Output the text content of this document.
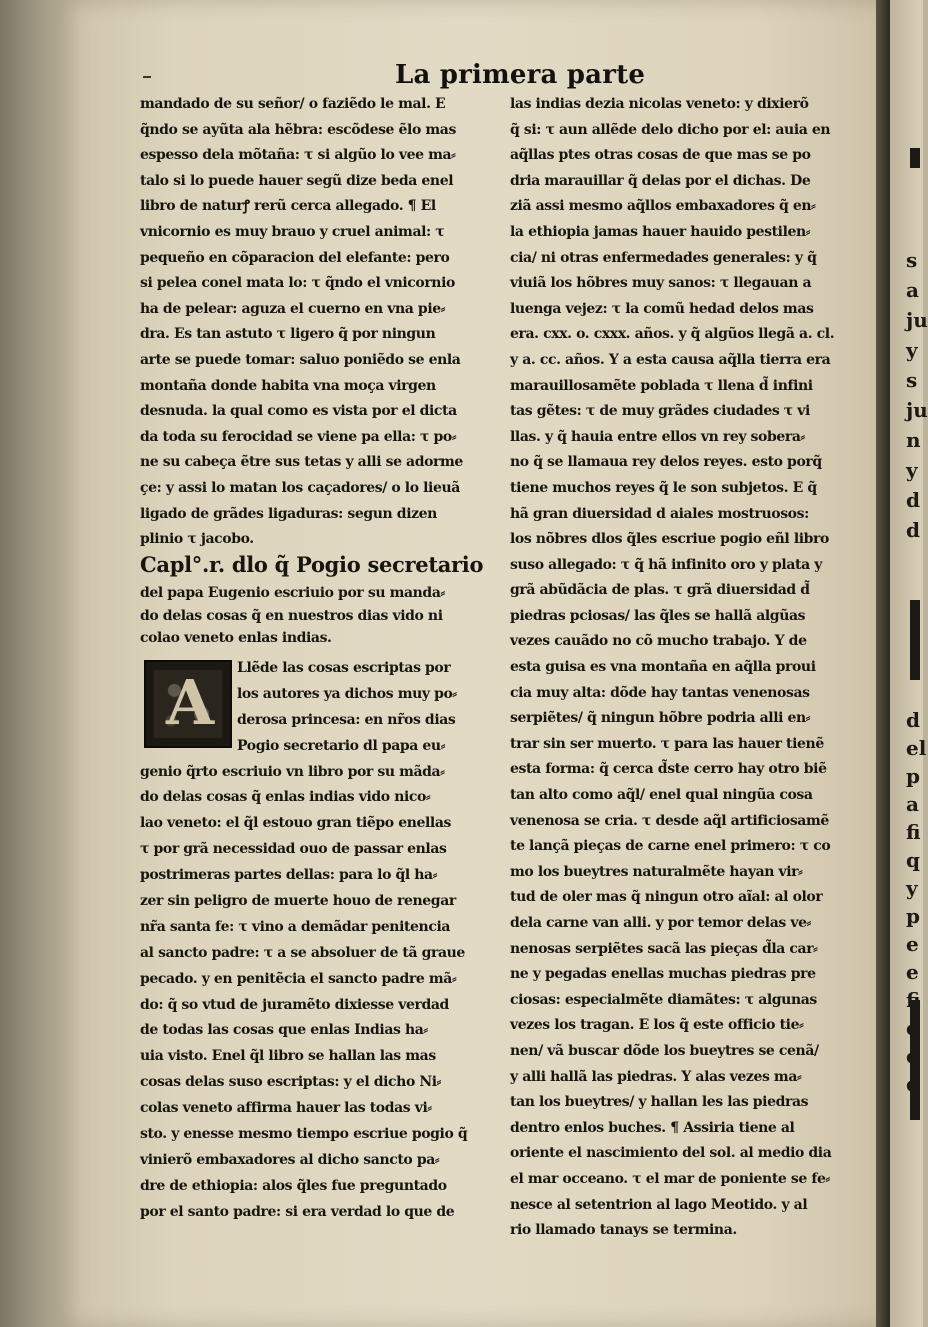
s
a
ju
y
s
ju
n
y
d
d
d
el
p
a
fi
q
y
p
e
e
fi
c
e
d
La primera parte
mandado de su señor/ o faziẽdo le mal. E
q̃ndo se ayũta ala hẽbra: escõdese ẽlo mas
espesso dela mõtaña: τ si algũo lo vee ma⸗
talo si lo puede hauer segũ dize beda enel
libro de naturꝭ rerũ cerca allegado. ¶ El
vnicornio es muy brauo y cruel animal: τ
pequeño en cõparacion del elefante: pero
si pelea conel mata lo: τ q̃ndo el vnicornio
ha de pelear: aguza el cuerno en vna pie⸗
dra. Es tan astuto τ ligero q̃ por ningun
arte se puede tomar: saluo poniẽdo se enla
montaña donde habita vna moça virgen
desnuda. la qual como es vista por el dicta
da toda su ferocidad se viene pa ella: τ po⸗
ne su cabeça ẽtre sus tetas y alli se adorme
çe: y assi lo matan los caçadores/ o lo lieuã
ligado de grãdes ligaduras: segun dizen
plinio τ jacobo.
Capl°.r. dlo q̃ Pogio secretario
del papa Eugenio escriuio por su manda⸗
do delas cosas q̃ en nuestros dias vido ni
colao veneto enlas indias.
A	Llẽde las cosas escriptas por
los autores ya dichos muy po⸗
derosa princesa: en nr̃os dias
Pogio secretario dl papa eu⸗
genio q̃rto escriuio vn libro por su mãda⸗
do delas cosas q̃ enlas indias vido nico⸗
lao veneto: el q̃l estouo gran tiẽpo enellas
τ por grã necessidad ouo de passar enlas
postrimeras partes dellas: para lo q̃l ha⸗
zer sin peligro de muerte houo de renegar
nr̃a santa fe: τ vino a demãdar penitencia
al sancto padre: τ a se absoluer de tã graue
pecado. y en penitẽcia el sancto padre mã⸗
do: q̃ so vtud de juramẽto dixiesse verdad
de todas las cosas que enlas Indias ha⸗
uia visto. Enel q̃l libro se hallan las mas
cosas delas suso escriptas: y el dicho Ni⸗
colas veneto affirma hauer las todas vi⸗
sto. y enesse mesmo tiempo escriue pogio q̃
vinierõ embaxadores al dicho sancto pa⸗
dre de ethiopia: alos q̃les fue preguntado
por el santo padre: si era verdad lo que de
las indias dezia nicolas veneto: y dixierõ
q̃ si: τ aun allẽde delo dicho por el: auia en
aq̃llas ptes otras cosas de que mas se po
dria marauillar q̃ delas por el dichas. De
ziã assi mesmo aq̃llos embaxadores q̃ en⸗
la ethiopia jamas hauer hauido pestilen⸗
cia/ ni otras enfermedades generales: y q̃
viuiã los hõbres muy sanos: τ llegauan a
luenga vejez: τ la comũ hedad delos mas
era. cxx. o. cxxx. años. y q̃ algũos llegã a. cl.
y a. cc. años. Y a esta causa aq̃lla tierra era
marauillosamẽte poblada τ llena d̃ infini
tas gẽtes: τ de muy grãdes ciudades τ vi
llas. y q̃ hauia entre ellos vn rey sobera⸗
no q̃ se llamaua rey delos reyes. esto porq̃
tiene muchos reyes q̃ le son subjetos. E q̃
hã gran diuersidad d aiales mostruosos:
los nõbres dlos q̃les escriue pogio eñl libro
suso allegado: τ q̃ hã infinito oro y plata y
grã abũdãcia de plas. τ grã diuersidad d̃
piedras pciosas/ las q̃les se hallã algũas
vezes cauãdo no cõ mucho trabajo. Y de
esta guisa es vna montaña en aq̃lla proui
cia muy alta: dõde hay tantas venenosas
serpiẽtes/ q̃ ningun hõbre podria alli en⸗
trar sin ser muerto. τ para las hauer tienẽ
esta forma: q̃ cerca d̃ste cerro hay otro biẽ
tan alto como aq̃l/ enel qual ningũa cosa
venenosa se cria. τ desde aq̃l artificiosamẽ
te lançã pieças de carne enel primero: τ co
mo los bueytres naturalmẽte hayan vir⸗
tud de oler mas q̃ ningun otro aĩal: al olor
dela carne van alli. y por temor delas ve⸗
nenosas serpiẽtes sacã las pieças d̃la car⸗
ne y pegadas enellas muchas piedras pre
ciosas: especialmẽte diamãtes: τ algunas
vezes los tragan. E los q̃ este officio tie⸗
nen/ vã buscar dõde los bueytres se cenã/
y alli hallã las piedras. Y alas vezes ma⸗
tan los bueytres/ y hallan les las piedras
dentro enlos buches. ¶ Assiria tiene al
oriente el nascimiento del sol. al medio dia
el mar occeano. τ el mar de poniente se fe⸗
nesce al setentrion al lago Meotido. y al
rio llamado tanays se termina.
